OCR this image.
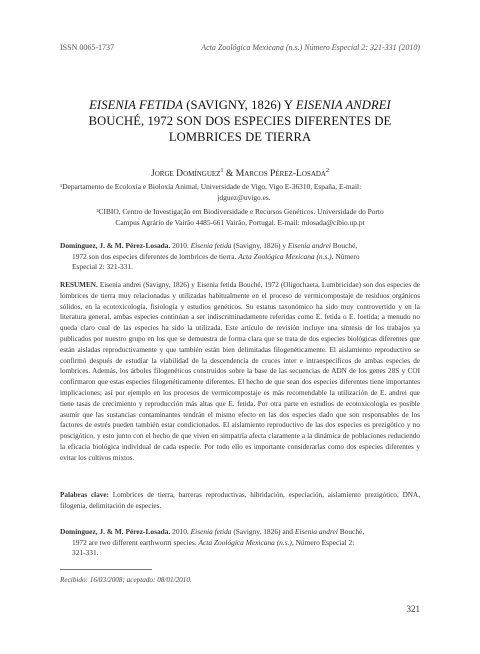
ISSN 0065-1737	Acta Zoológica Mexicana (n.s.) Número Especial 2: 321-331 (2010)
EISENIA FETIDA (SAVIGNY, 1826) Y EISENIA ANDREI
BOUCHÉ, 1972 SON DOS ESPECIES DIFERENTES DE
LOMBRICES DE TIERRA
Jorge Domínguez$^1$ & Marcos Pérez-Losada$^2$
¹Departamento de Ecoloxía e Bioloxía Animal, Universidade de Vigo, Vigo E-36310, España, E-mail:
jdguez@uvigo.es.
²CIBIO, Centro de Investigação em Biodiversidade e Recursos Genéticos. Universidade do Porto
Campus Agrário de Vairão 4485-661 Vairão, Portugal. E-mail: mlosada@cibio.up.pt
Domínguez, J. & M. Pérez-Losada. 2010. Eisenia fetida (Savigny, 1826) y Eisenia andrei Bouché,
1972 son dos especies diferentes de lombrices de tierra. Acta Zoológica Mexicana (n.s.), Número
Especial 2: 321-331.

RESUMEN. Eisenia andrei (Savigny, 1826) y Eisenia fetida Bouché, 1972 (Oligochaeta, Lumbricidae) son dos especies de lombrices de tierra muy relacionadas y utilizadas habitualmente en el proceso de vermicompostaje de residuos orgánicos sólidos, en la ecotoxicología, fisiología y estudios genéticos. Su estatus taxonómico ha sido muy controvertido y en la literatura general, ambas especies continúan a ser indiscriminadamente referidas como E. fetida o E. foetida; a menudo no queda claro cual de las especies ha sido la utilizada. Este artículo de revisión incluye una síntesis de los trabajos ya publicados por nuestro grupo en los que se demuestra de forma clara que se trata de dos especies biológicas diferentes que están aisladas reproductivamente y que también están bien delimitadas filogenéticamente. El aislamiento reproductivo se confirmó después de estudiar la viabilidad de la descendencia de cruces inter e intraespecíficos de ambas especies de lombrices. Además, los árboles filogenéticos construidos sobre la base de las secuencias de ADN de los genes 28S y COI confirmaron que estas especies filogenéticamente diferentes. El hecho de que sean dos especies diferentes tiene importantes implicaciones; así por ejemplo en los procesos de vermicompostaje es más recomendable la utilización de E. andrei que tiene tasas de crecimiento y reproducción más altas que E. fetida. Por otra parte en estudios de ecotoxicología es posible asumir que las sustancias contaminantes tendrán el mismo efecto en las dos especies dado que son responsables de los factores de estrés pueden también estar condicionados. El aislamiento reproductivo de las dos especies es prezigótico y no poscigótico, y esto junto con el hecho de que viven en simpatría afecta claramente a la dinámica de poblaciones reduciendo la eficacia biológica individual de cada especie. Por todo ello es importante considerarlas como dos especies diferentes y evitar los cultivos mixtos.

Palabras clave: Lombrices de tierra, barreras reproductivas, hibridación, especiación, aislamiento prezigótico, DNA, filogenia, delimitación de especies.
Domínguez, J. & M. Pérez-Losada. 2010. Eisenia fetida (Savigny, 1826) and Eisenia andrei Bouché,
1972 are two different earthworm species. Acta Zoológica Mexicana (n.s.), Número Especial 2:
321-331.
Recibido: 16/03/2008; aceptado: 08/01/2010.
321
